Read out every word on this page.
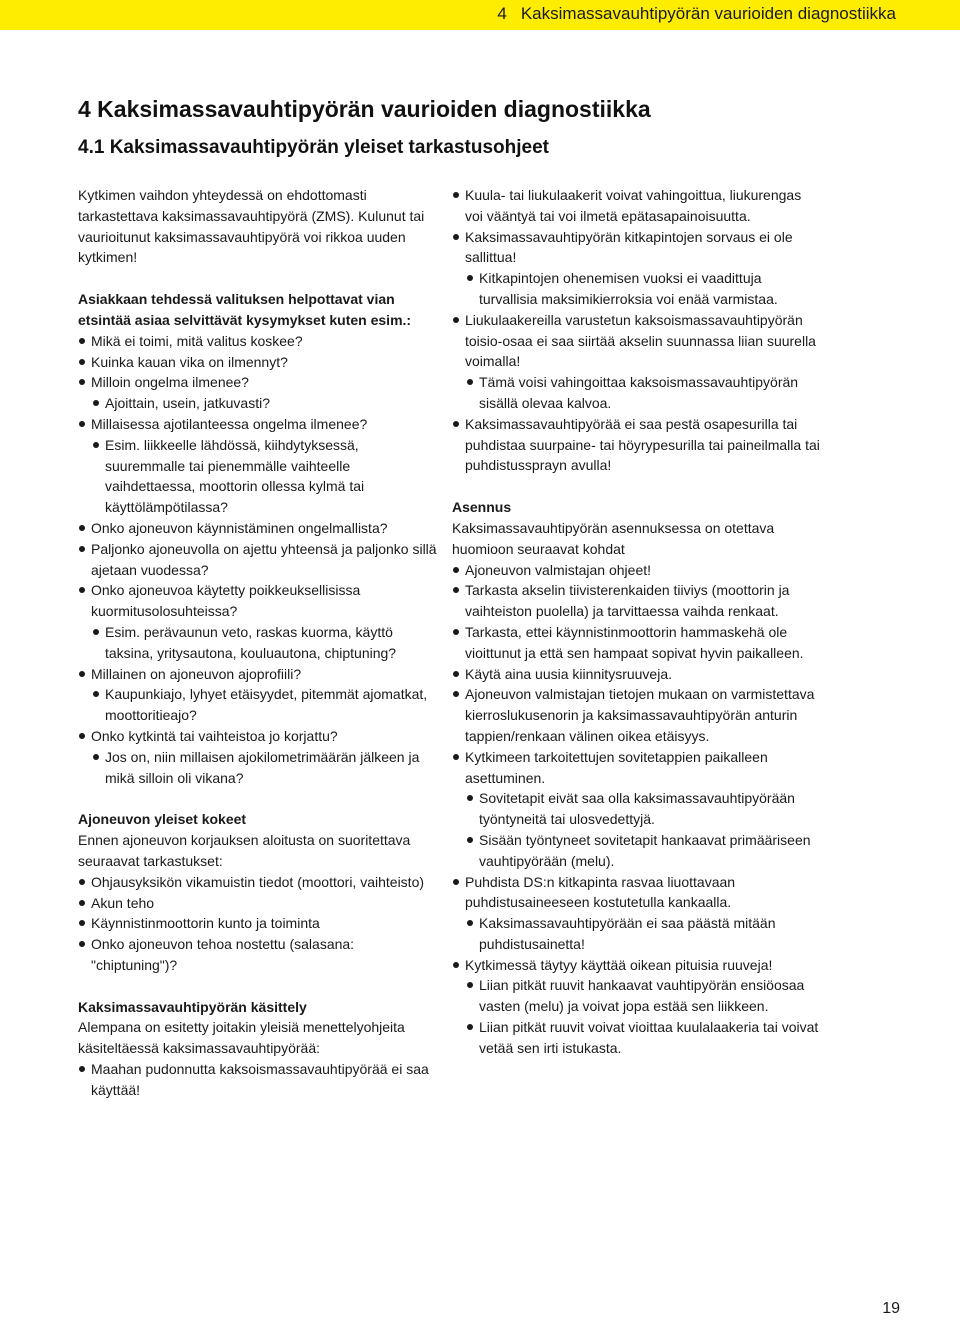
4 Kaksimassavauhtipyörän vaurioiden diagnostiikka
4 Kaksimassavauhtipyörän vaurioiden diagnostiikka
4.1 Kaksimassavauhtipyörän yleiset tarkastusohjeet

Kytkimen vaihdon yhteydessä on ehdottomasti tarkastettava kaksimassavauhtipyörä (ZMS). Kulunut tai vaurioitunut kaksimassavauhtipyörä voi rikkoa uuden kytkimen!

Asiakkaan tehdessä valituksen helpottavat vian etsintää asiaa selvittävät kysymykset kuten esim.:

Mikä ei toimi, mitä valitus koskee?
Kuinka kauan vika on ilmennyt?
Milloin ongelma ilmenee?
Ajoittain, usein, jatkuvasti?
Millaisessa ajotilanteessa ongelma ilmenee?
Esim. liikkeelle lähdössä, kiihdytyksessä, suuremmalle tai pienemmälle vaihteelle vaihdettaessa, moottorin ollessa kylmä tai käyttölämpötilassa?
Onko ajoneuvon käynnistäminen ongelmallista?
Paljonko ajoneuvolla on ajettu yhteensä ja paljonko sillä ajetaan vuodessa?
Onko ajoneuvoa käytetty poikkeuksellisissa kuormitusolosuhteissa?
Esim. perävaunun veto, raskas kuorma, käyttö taksina, yritysautona, kouluautona, chiptuning?
Millainen on ajoneuvon ajoprofiili?
Kaupunkiajo, lyhyet etäisyydet, pitemmät ajomatkat, moottoritieajo?
Onko kytkintä tai vaihteistoa jo korjattu?
Jos on, niin millaisen ajokilometrimäärän jälkeen ja mikä silloin oli vikana?

Ajoneuvon yleiset kokeet

Ennen ajoneuvon korjauksen aloitusta on suoritettava seuraavat tarkastukset:

Ohjausyksikön vikamuistin tiedot (moottori, vaihteisto)
Akun teho
Käynnistinmoottorin kunto ja toiminta
Onko ajoneuvon tehoa nostettu (salasana: "chiptuning")?

Kaksimassavauhtipyörän käsittely

Alempana on esitetty joitakin yleisiä menettelyohjeita käsiteltäessä kaksimassavauhtipyörää:

Maahan pudonnutta kaksoismassavauhtipyörää ei saa käyttää!
Kuula- tai liukulaakerit voivat vahingoittua, liukurengas voi vääntyä tai voi ilmetä epätasapainoisuutta.
Kaksimassavauhtipyörän kitkapintojen sorvaus ei ole sallittua!
Kitkapintojen ohenemisen vuoksi ei vaadittuja turvallisia maksimikierroksia voi enää varmistaa.
Liukulaakereilla varustetun kaksoismassavauhtipyörän toisio-osaa ei saa siirtää akselin suunnassa liian suurella voimalla!
Tämä voisi vahingoittaa kaksoismassavauhtipyörän sisällä olevaa kalvoa.
Kaksimassavauhtipyörää ei saa pestä osapesurilla tai puhdistaa suurpaine- tai höyrypesurilla tai paineilmalla tai puhdistussprayn avulla!

Asennus

Kaksimassavauhtipyörän asennuksessa on otettava huomioon seuraavat kohdat

Ajoneuvon valmistajan ohjeet!
Tarkasta akselin tiivisterenkaiden tiiviys (moottorin ja vaihteiston puolella) ja tarvittaessa vaihda renkaat.
Tarkasta, ettei käynnistinmoottorin hammaskehä ole vioittunut ja että sen hampaat sopivat hyvin paikalleen.
Käytä aina uusia kiinnitysruuveja.
Ajoneuvon valmistajan tietojen mukaan on varmistettava kierroslukusenorin ja kaksimassavauhtipyörän anturin tappien/renkaan välinen oikea etäisyys.
Kytkimeen tarkoitettujen sovitetappien paikalleen asettuminen.
Sovitetapit eivät saa olla kaksimassavauhtipyörään työntyneitä tai ulosvedettyjä.
Sisään työntyneet sovitetapit hankaavat primääriseen vauhtipyörään (melu).
Puhdista DS:n kitkapinta rasvaa liuottavaan puhdistusaineeseen kostutetulla kankaalla.
Kaksimassavauhtipyörään ei saa päästä mitään puhdistusainetta!
Kytkimessä täytyy käyttää oikean pituisia ruuveja!
Liian pitkät ruuvit hankaavat vauhtipyörän ensiöosaa vasten (melu) ja voivat jopa estää sen liikkeen.
Liian pitkät ruuvit voivat vioittaa kuulalaakeria tai voivat vetää sen irti istukasta.
19
